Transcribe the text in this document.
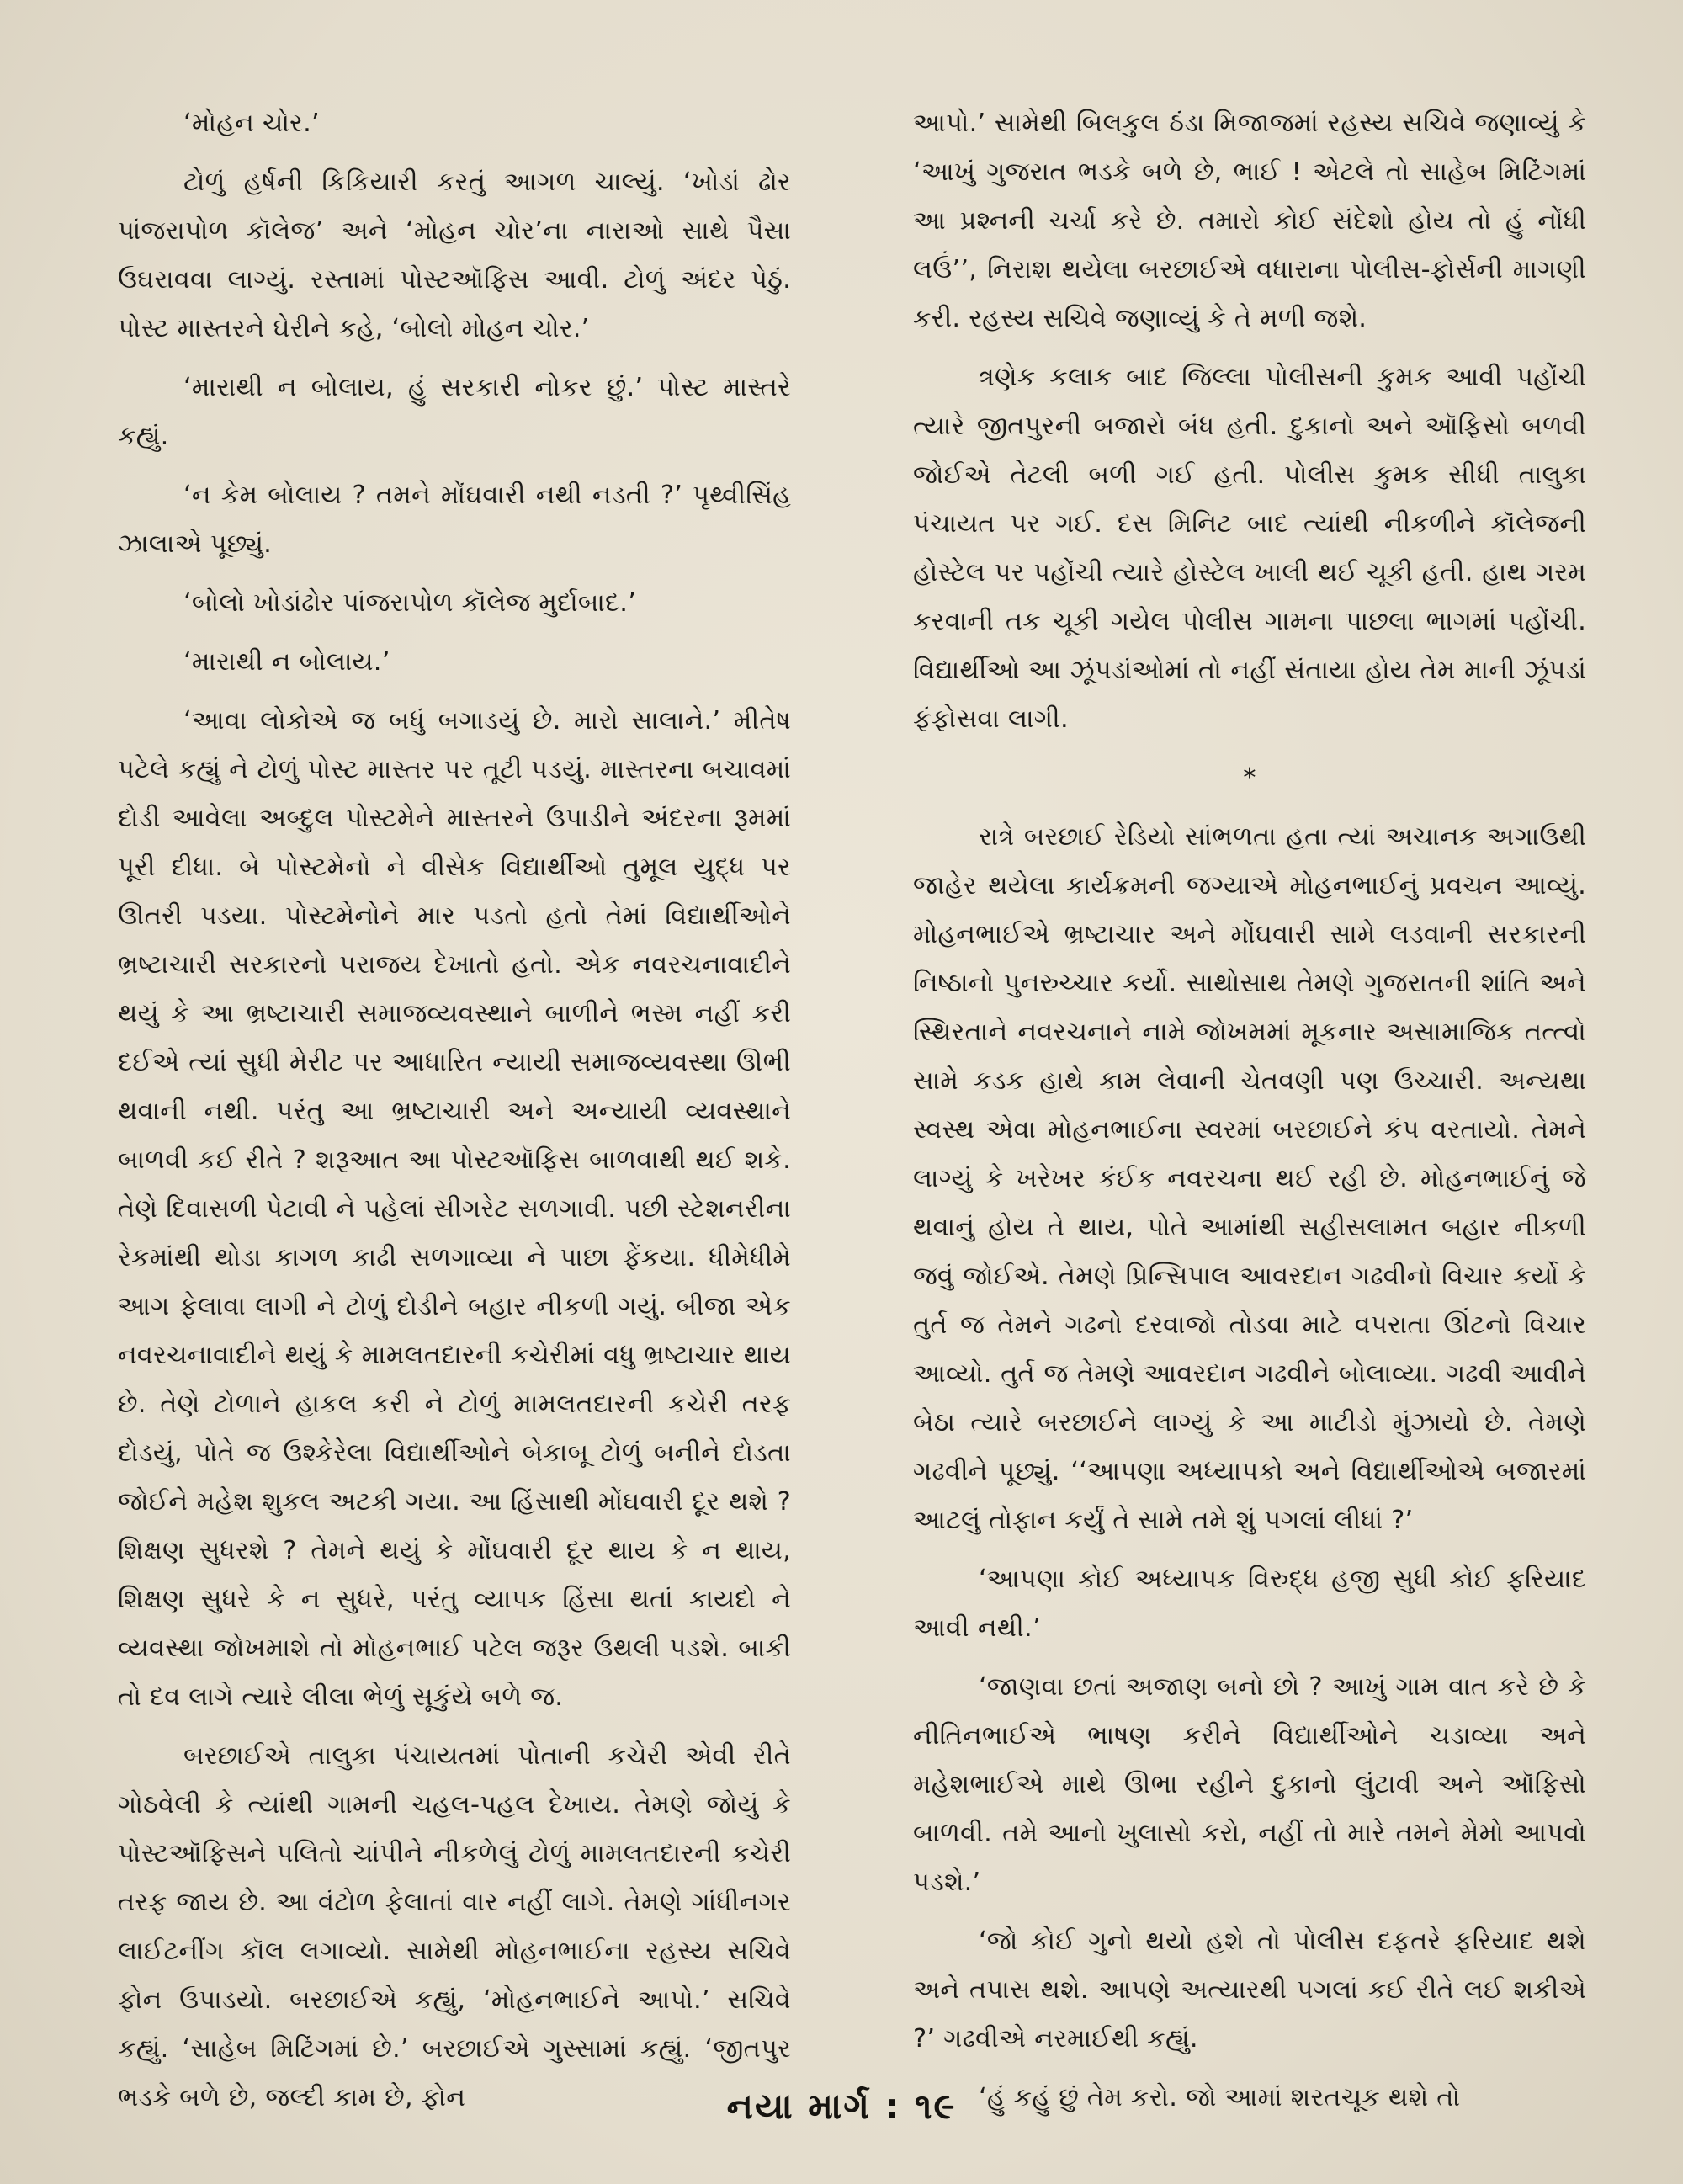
‘મોહન ચોર.’

ટોળું હર્ષની કિકિયારી કરતું આગળ ચાલ્યું. ‘ખોડાં ઢોર પાંજરાપોળ કૉલેજ’ અને ‘મોહન ચોર’ના નારાઓ સાથે પૈસા ઉઘરાવવા લાગ્યું. રસ્તામાં પોસ્ટઑફિસ આવી. ટોળું અંદર પેઠું. પોસ્ટ માસ્તરને ઘેરીને કહે, ‘બોલો મોહન ચોર.’

‘મારાથી ન બોલાય, હું સરકારી નોકર છું.’ પોસ્ટ માસ્તરે કહ્યું.

‘ન કેમ બોલાય ? તમને મોંઘવારી નથી નડતી ?’ પૃથ્વીસિંહ ઝાલાએ પૂછ્યું.

‘બોલો ખોડાંઢોર પાંજરાપોળ કૉલેજ મુર્દાબાદ.’

‘મારાથી ન બોલાય.’

‘આવા લોકોએ જ બધું બગાડયું છે. મારો સાલાને.’ મીતેષ પટેલે કહ્યું ને ટોળું પોસ્ટ માસ્તર પર તૂટી પડયું. માસ્તરના બચાવમાં દોડી આવેલા અબ્દુલ પોસ્ટમેને માસ્તરને ઉપાડીને અંદરના રૂમમાં પૂરી દીધા. બે પોસ્ટમેનો ને વીસેક વિદ્યાર્થીઓ તુમૂલ યુદ્ધ પર ઊતરી પડયા. પોસ્ટમેનોને માર પડતો હતો તેમાં વિદ્યાર્થીઓને ભ્રષ્ટાચારી સરકારનો પરાજય દેખાતો હતો. એક નવરચનાવાદીને થયું કે આ ભ્રષ્ટાચારી સમાજવ્યવસ્થાને બાળીને ભસ્મ નહીં કરી દઈએ ત્યાં સુધી મેરીટ પર આધારિત ન્યાયી સમાજવ્યવસ્થા ઊભી થવાની નથી. પરંતુ આ ભ્રષ્ટાચારી અને અન્યાયી વ્યવસ્થાને બાળવી કઈ રીતે ? શરૂઆત આ પોસ્ટઑફિસ બાળવાથી થઈ શકે. તેણે દિવાસળી પેટાવી ને પહેલાં સીગરેટ સળગાવી. પછી સ્ટેશનરીના રેકમાંથી થોડા કાગળ કાઢી સળગાવ્યા ને પાછા ફેંકયા. ધીમેધીમે આગ ફેલાવા લાગી ને ટોળું દોડીને બહાર નીકળી ગયું. બીજા એક નવરચનાવાદીને થયું કે મામલતદારની કચેરીમાં વધુ ભ્રષ્ટાચાર થાય છે. તેણે ટોળાને હાકલ કરી ને ટોળું મામલતદારની કચેરી તરફ દોડયું, પોતે જ ઉશ્કેરેલા વિદ્યાર્થીઓને બેકાબૂ ટોળું બનીને દોડતા જોઈને મહેશ શુકલ અટકી ગયા. આ હિંસાથી મોંઘવારી દૂર થશે ? શિક્ષણ સુધરશે ? તેમને થયું કે મોંઘવારી દૂર થાય કે ન થાય, શિક્ષણ સુધરે કે ન સુધરે, પરંતુ વ્યાપક હિંસા થતાં કાયદો ને વ્યવસ્થા જોખમાશે તો મોહનભાઈ પટેલ જરૂર ઉથલી પડશે. બાકી તો દવ લાગે ત્યારે લીલા ભેળું સૂકુંયે બળે જ.

બરછાઈએ તાલુકા પંચાયતમાં પોતાની કચેરી એવી રીતે ગોઠવેલી કે ત્યાંથી ગામની ચહલ-પહલ દેખાય. તેમણે જોયું કે પોસ્ટઑફિસને પલિતો ચાંપીને નીકળેલું ટોળું મામલતદારની કચેરી તરફ જાય છે. આ વંટોળ ફેલાતાં વાર નહીં લાગે. તેમણે ગાંધીનગર લાઈટનીંગ કૉલ લગાવ્યો. સામેથી મોહનભાઈના રહસ્ય સચિવે ફોન ઉપાડયો. બરછાઈએ કહ્યું, ‘મોહનભાઈને આપો.’ સચિવે કહ્યું. ‘સાહેબ મિટિંગમાં છે.’ બરછાઈએ ગુસ્સામાં કહ્યું. ‘જીતપુર ભડકે બળે છે, જલ્દી કામ છે, ફોન

આપો.’ સામેથી બિલકુલ ઠંડા મિજાજમાં રહસ્ય સચિવે જણાવ્યું કે ‘આખું ગુજરાત ભડકે બળે છે, ભાઈ ! એટલે તો સાહેબ મિટિંગમાં આ પ્રશ્નની ચર્ચા કરે છે. તમારો કોઈ સંદેશો હોય તો હું નોંધી લઉં’’, નિરાશ થયેલા બરછાઈએ વધારાના પોલીસ-ફોર્સની માગણી કરી. રહસ્ય સચિવે જણાવ્યું કે તે મળી જશે.

ત્રણેક કલાક બાદ જિલ્લા પોલીસની કુમક આવી પહોંચી ત્યારે જીતપુરની બજારો બંધ હતી. દુકાનો અને ઑફિસો બળવી જોઈએ તેટલી બળી ગઈ હતી. પોલીસ કુમક સીધી તાલુકા પંચાયત પર ગઈ. દસ મિનિટ બાદ ત્યાંથી નીકળીને કૉલેજની હોસ્ટેલ પર પહોંચી ત્યારે હોસ્ટેલ ખાલી થઈ ચૂકી હતી. હાથ ગરમ કરવાની તક ચૂકી ગયેલ પોલીસ ગામના પાછલા ભાગમાં પહોંચી. વિદ્યાર્થીઓ આ ઝૂંપડાંઓમાં તો નહીં સંતાયા હોય તેમ માની ઝૂંપડાં ફંફોસવા લાગી.

*

રાત્રે બરછાઈ રેડિયો સાંભળતા હતા ત્યાં અચાનક અગાઉથી જાહેર થયેલા કાર્યક્રમની જગ્યાએ મોહનભાઈનું પ્રવચન આવ્યું. મોહનભાઈએ ભ્રષ્ટાચાર અને મોંઘવારી સામે લડવાની સરકારની નિષ્ઠાનો પુનરુચ્ચાર કર્યો. સાથોસાથ તેમણે ગુજરાતની શાંતિ અને સ્થિરતાને નવરચનાને નામે જોખમમાં મૂકનાર અસામાજિક તત્ત્વો સામે કડક હાથે કામ લેવાની ચેતવણી પણ ઉચ્ચારી. અન્યથા સ્વસ્થ એવા મોહનભાઈના સ્વરમાં બરછાઈને કંપ વરતાયો. તેમને લાગ્યું કે ખરેખર કંઈક નવરચના થઈ રહી છે. મોહનભાઈનું જે થવાનું હોય તે થાય, પોતે આમાંથી સહીસલામત બહાર નીકળી જવું જોઈએ. તેમણે પ્રિન્સિપાલ આવરદાન ગઢવીનો વિચાર કર્યો કે તુર્ત જ તેમને ગઢનો દરવાજો તોડવા માટે વપરાતા ઊંટનો વિચાર આવ્યો. તુર્ત જ તેમણે આવરદાન ગઢવીને બોલાવ્યા. ગઢવી આવીને બેઠા ત્યારે બરછાઈને લાગ્યું કે આ માટીડો મુંઝાયો છે. તેમણે ગઢવીને પૂછ્યું. ‘‘આપણા અધ્યાપકો અને વિદ્યાર્થીઓએ બજારમાં આટલું તોફાન કર્યું તે સામે તમે શું પગલાં લીધાં ?’

‘આપણા કોઈ અધ્યાપક વિરુદ્ધ હજી સુધી કોઈ ફરિયાદ આવી નથી.’

‘જાણવા છતાં અજાણ બનો છો ? આખું ગામ વાત કરે છે કે નીતિનભાઈએ ભાષણ કરીને વિદ્યાર્થીઓને ચડાવ્યા અને મહેશભાઈએ માથે ઊભા રહીને દુકાનો લુંટાવી અને ઑફિસો બાળવી. તમે આનો ખુલાસો કરો, નહીં તો મારે તમને મેમો આપવો પડશે.’

‘જો કોઈ ગુનો થયો હશે તો પોલીસ દફતરે ફરિયાદ થશે અને તપાસ થશે. આપણે અત્યારથી પગલાં કઈ રીતે લઈ શકીએ ?’ ગઢવીએ નરમાઈથી કહ્યું.

‘હું કહું છું તેમ કરો. જો આમાં શરતચૂક થશે તો

નયા માર્ગ : ૧૯
